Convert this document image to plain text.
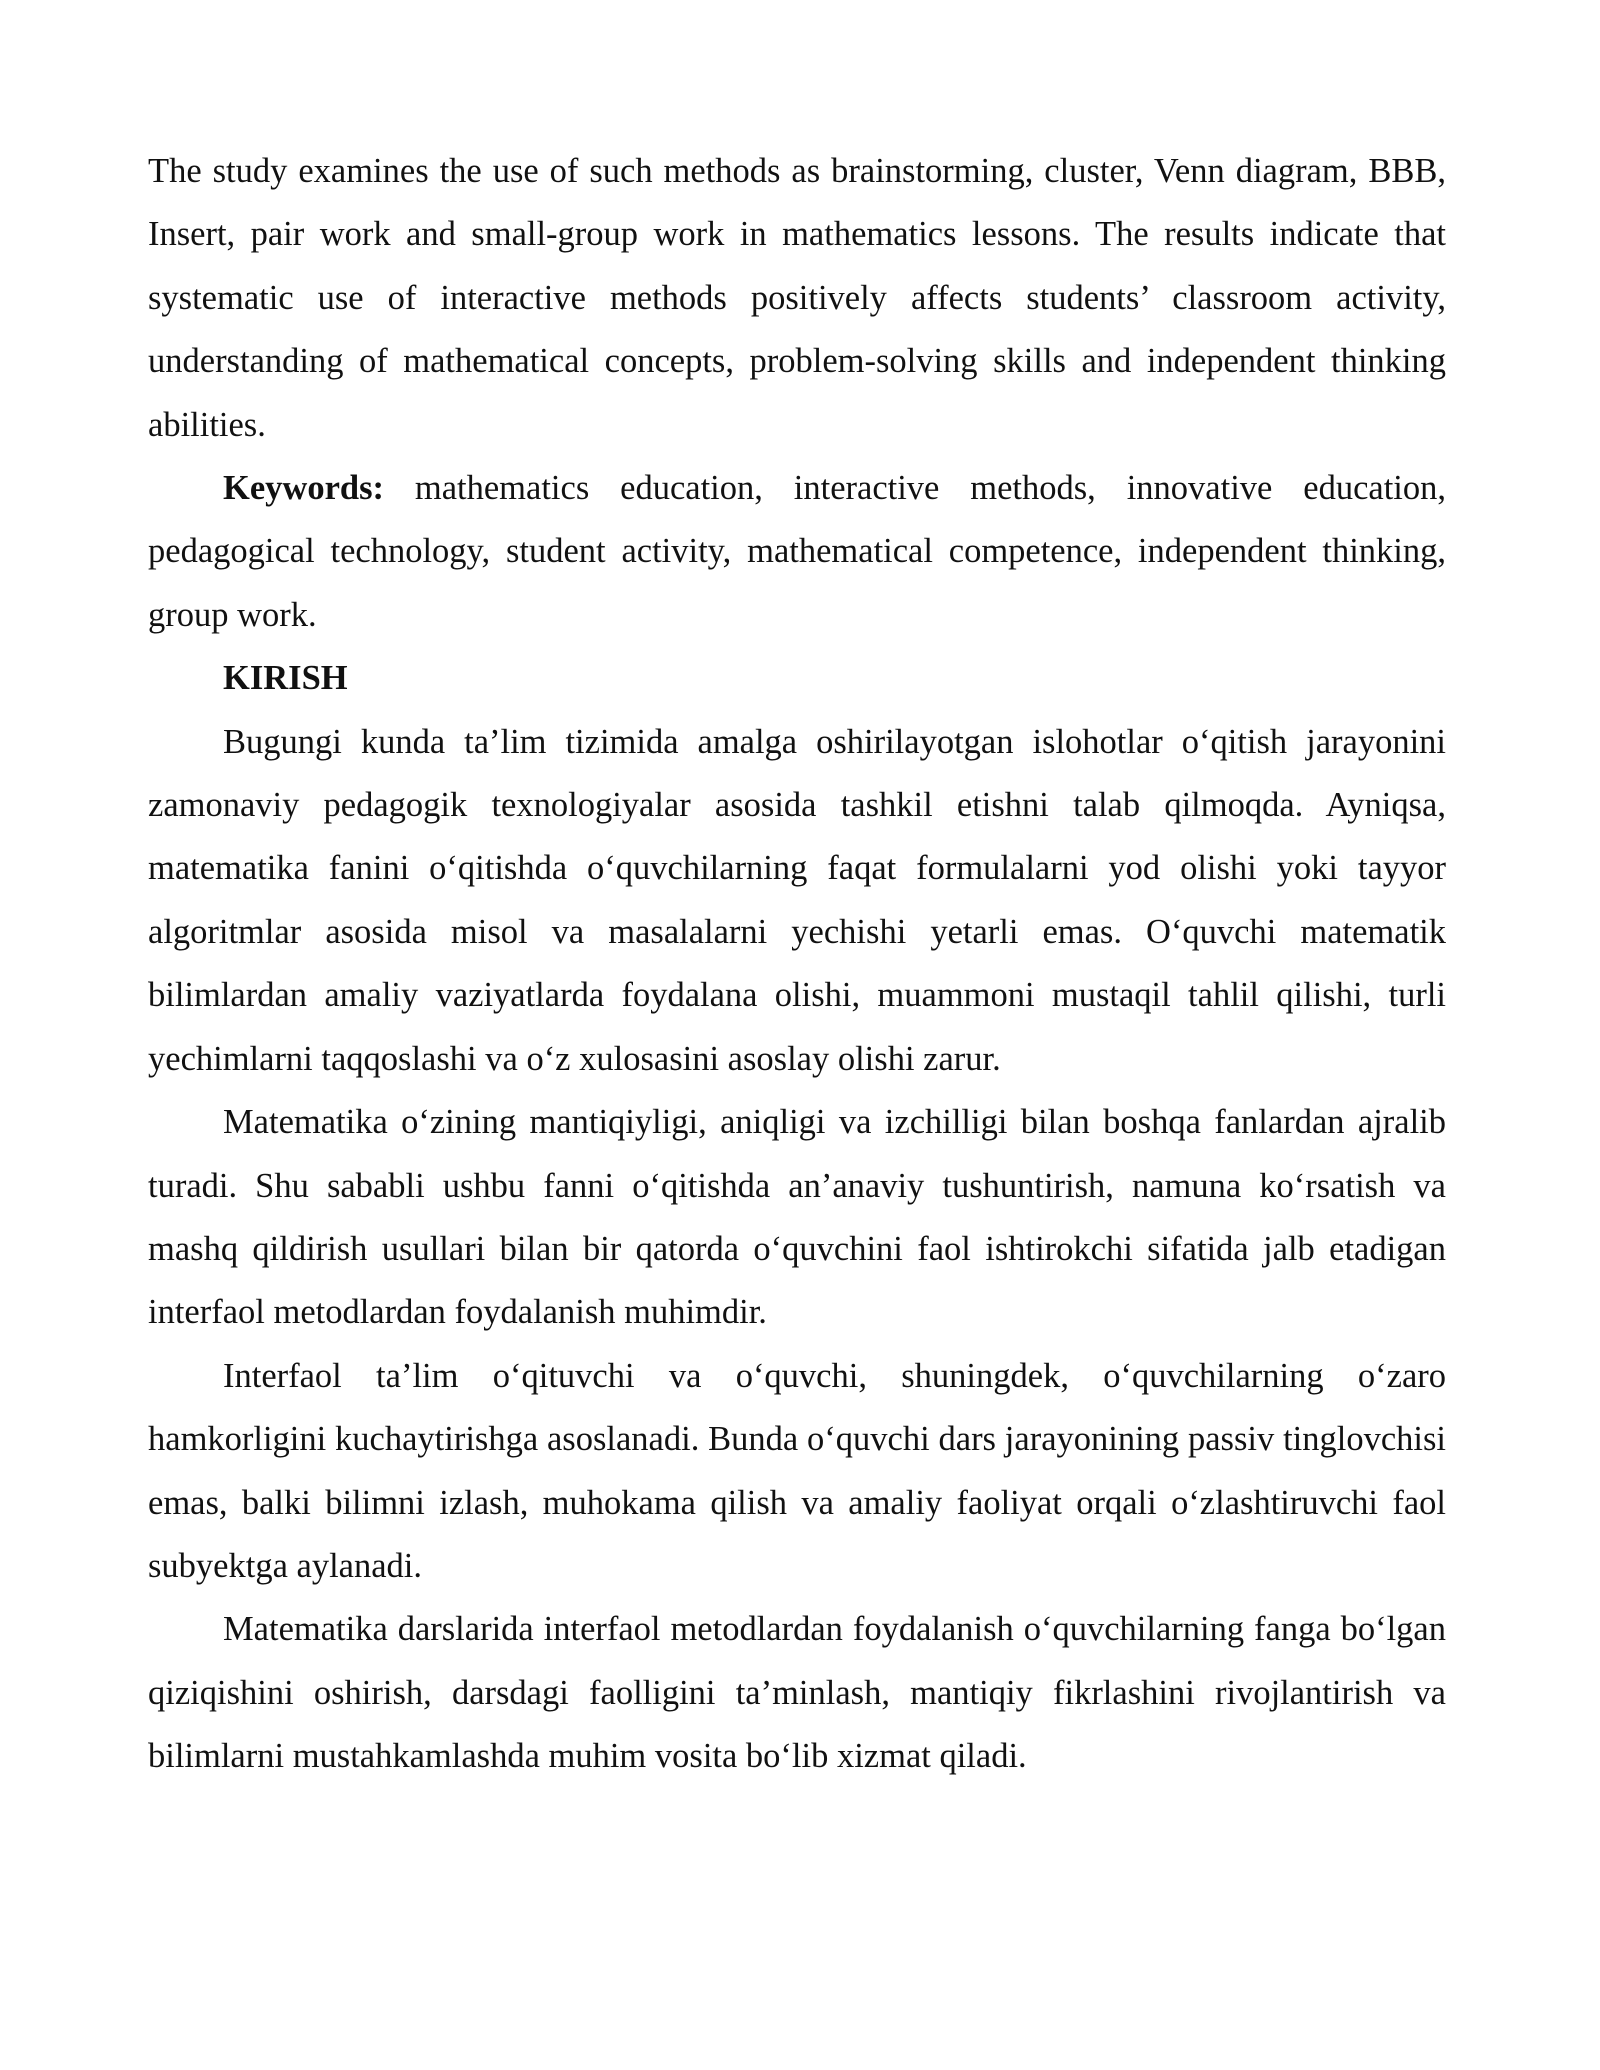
The study examines the use of such methods as brainstorming, cluster, Venn diagram, BBB, Insert, pair work and small-group work in mathematics lessons. The results indicate that systematic use of interactive methods positively affects students’ classroom activity, understanding of mathematical concepts, problem-solving skills and independent thinking abilities.

Keywords: mathematics education, interactive methods, innovative education, pedagogical technology, student activity, mathematical competence, independent thinking, group work.

KIRISH

Bugungi kunda ta’lim tizimida amalga oshirilayotgan islohotlar o‘qitish jarayonini zamonaviy pedagogik texnologiyalar asosida tashkil etishni talab qilmoqda. Ayniqsa, matematika fanini o‘qitishda o‘quvchilarning faqat formulalarni yod olishi yoki tayyor algoritmlar asosida misol va masalalarni yechishi yetarli emas. O‘quvchi matematik bilimlardan amaliy vaziyatlarda foydalana olishi, muammoni mustaqil tahlil qilishi, turli yechimlarni taqqoslashi va o‘z xulosasini asoslay olishi zarur.

Matematika o‘zining mantiqiyligi, aniqligi va izchilligi bilan boshqa fanlardan ajralib turadi. Shu sababli ushbu fanni o‘qitishda an’anaviy tushuntirish, namuna ko‘rsatish va mashq qildirish usullari bilan bir qatorda o‘quvchini faol ishtirokchi sifatida jalb etadigan interfaol metodlardan foydalanish muhimdir.

Interfaol ta’lim o‘qituvchi va o‘quvchi, shuningdek, o‘quvchilarning o‘zaro hamkorligini kuchaytirishga asoslanadi. Bunda o‘quvchi dars jarayonining passiv tinglovchisi emas, balki bilimni izlash, muhokama qilish va amaliy faoliyat orqali o‘zlashtiruvchi faol subyektga aylanadi.

Matematika darslarida interfaol metodlardan foydalanish o‘quvchilarning fanga bo‘lgan qiziqishini oshirish, darsdagi faolligini ta’minlash, mantiqiy fikrlashini rivojlantirish va bilimlarni mustahkamlashda muhim vosita bo‘lib xizmat qiladi.
